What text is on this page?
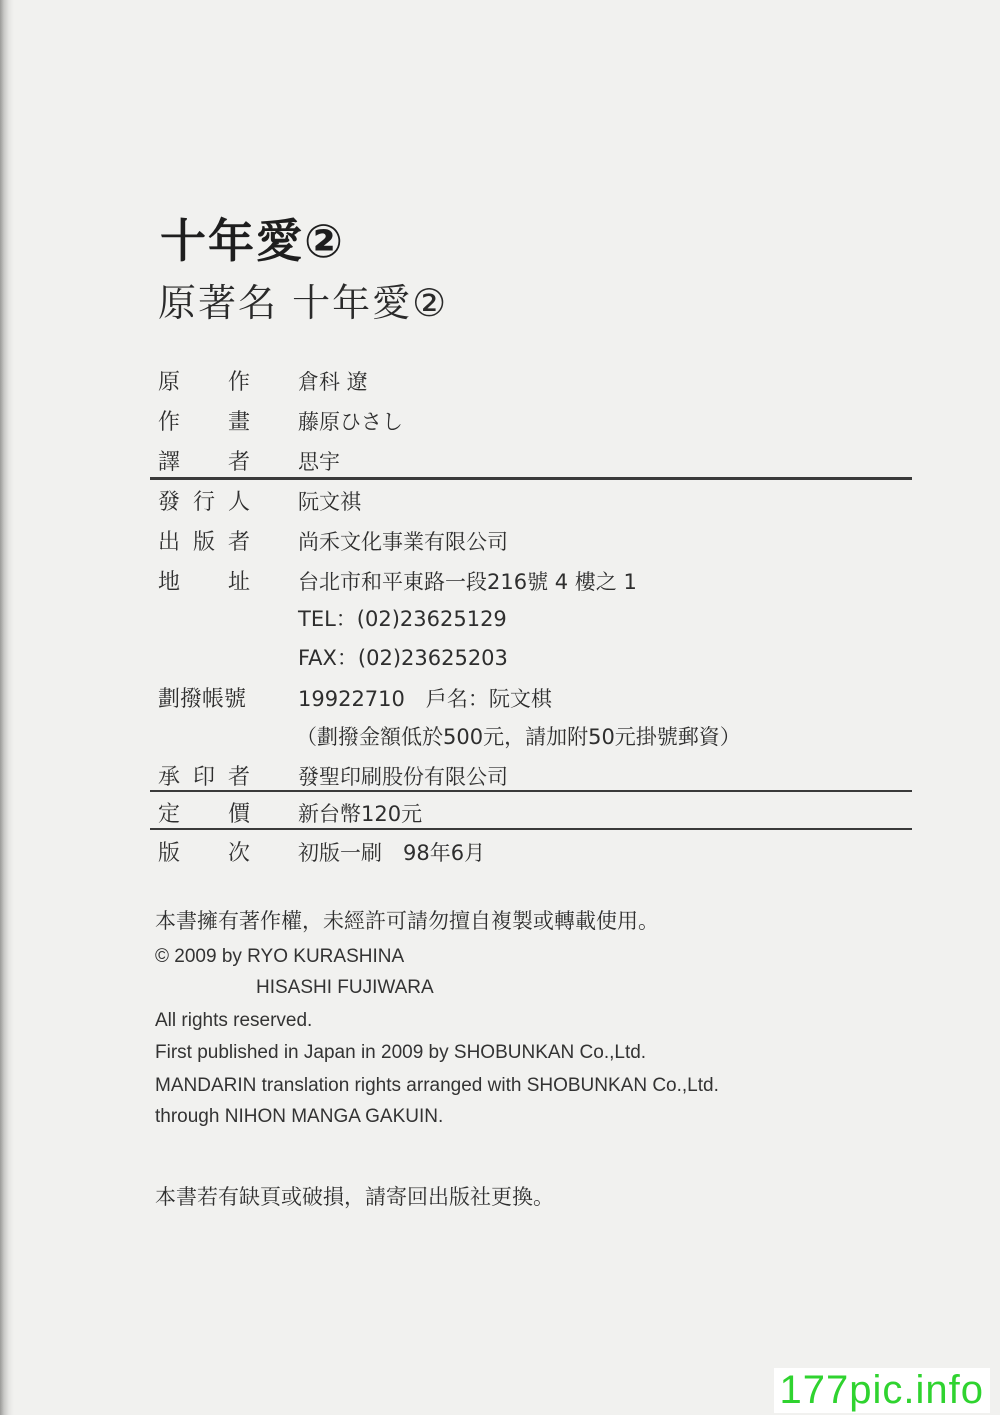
十年愛②
原著名 十年愛②
原 作 倉科 遼
作 畫 藤原ひさし
譯 者 思宇
發 行 人 阮文祺
出 版 者 尚禾文化事業有限公司
地 址 台北市和平東路一段216號 4 樓之 1
TEL：(02)23625129
FAX：(02)23625203
劃撥帳號 19922710　戶名：阮文棋
（劃撥金額低於500元，請加附50元掛號郵資）
承 印 者 發聖印刷股份有限公司
定 價 新台幣120元
版 次 初版一刷　98年6月
本書擁有著作權，未經許可請勿擅自複製或轉載使用。
© 2009 by RYO KURASHINA
HISASHI FUJIWARA
All rights reserved.
First published in Japan in 2009 by SHOBUNKAN Co.,Ltd.
MANDARIN translation rights arranged with SHOBUNKAN Co.,Ltd.
through NIHON MANGA GAKUIN.
本書若有缺頁或破損，請寄回出版社更換。
177pic.info
